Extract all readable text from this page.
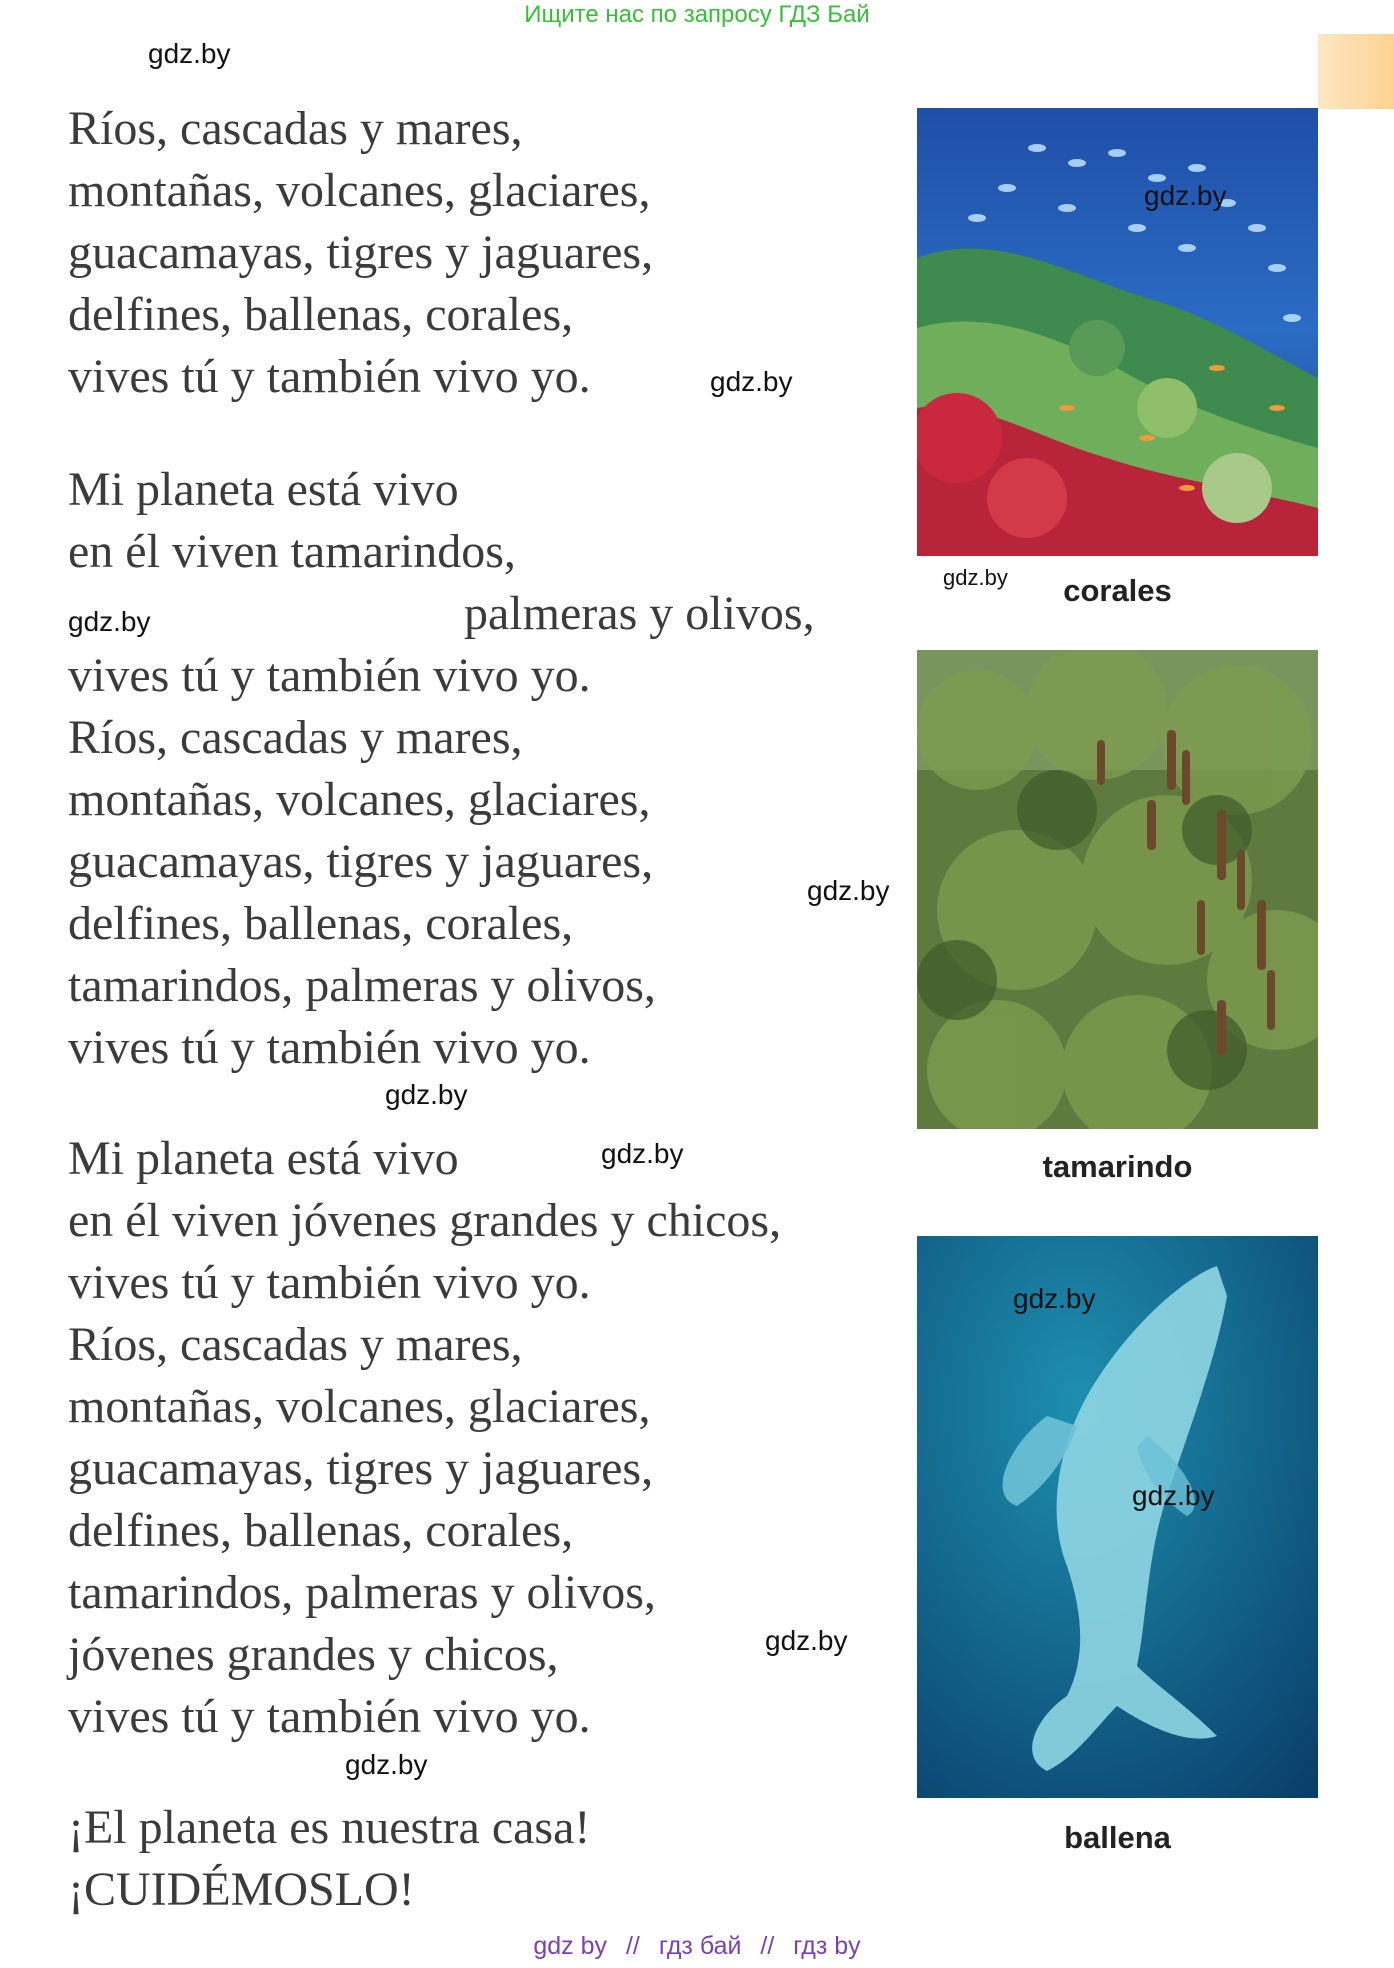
Ищите нас по запросу ГДЗ Бай
Ríos, cascadas y mares,
montañas, volcanes, glaciares,
guacamayas, tigres y jaguares,
delfines, ballenas, corales,
vives tú y también vivo yo.
Mi planeta está vivo
en él viven tamarindos,
palmeras y olivos,
vives tú y también vivo yo.
Ríos, cascadas y mares,
montañas, volcanes, glaciares,
guacamayas, tigres y jaguares,
delfines, ballenas, corales,
tamarindos, palmeras y olivos,
vives tú y también vivo yo.
Mi planeta está vivo
en él viven jóvenes grandes y chicos,
vives tú y también vivo yo.
Ríos, cascadas y mares,
montañas, volcanes, glaciares,
guacamayas, tigres y jaguares,
delfines, ballenas, corales,
tamarindos, palmeras y olivos,
jóvenes grandes y chicos,
vives tú y también vivo yo.
¡El planeta es nuestra casa!
¡CUIDÉMOSLO!
corales
tamarindo
ballena
gdz.by
gdz.by
gdz.by
gdz.by
gdz.by
gdz.by
gdz.by
gdz.by
gdz.by
gdz.by
gdz.by
gdz.by
gdz by // гдз бай // гдз by
